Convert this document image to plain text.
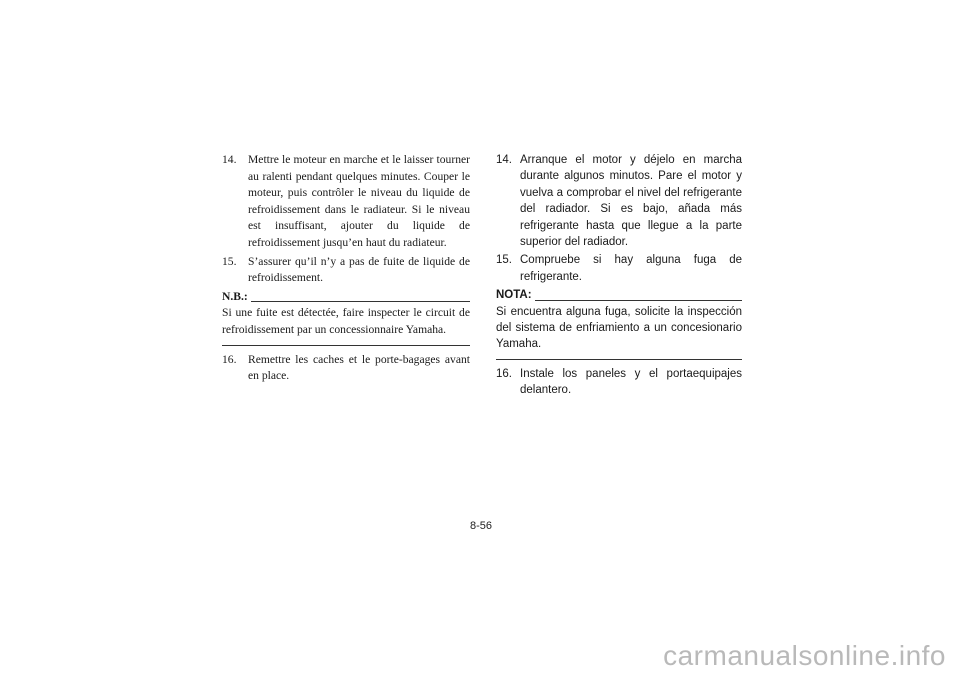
14. Mettre le moteur en marche et le laisser tourner au ralenti pendant quelques minutes. Couper le moteur, puis contrôler le niveau du liquide de refroidissement dans le radiateur. Si le niveau est insuffisant, ajouter du liquide de refroidissement jusqu’en haut du radiateur.
15. S’assurer qu’il n’y a pas de fuite de liquide de refroidissement.
N.B.:
Si une fuite est détectée, faire inspecter le circuit de refroidissement par un concessionnaire Yamaha.
16. Remettre les caches et le porte-bagages avant en place.
14. Arranque el motor y déjelo en marcha durante algunos minutos. Pare el motor y vuelva a comprobar el nivel del refrigerante del radiador. Si es bajo, añada más refrigerante hasta que llegue a la parte superior del radiador.
15. Compruebe si hay alguna fuga de refrigerante.
NOTA:
Si encuentra alguna fuga, solicite la inspección del sistema de enfriamiento a un concesionario Yamaha.
16. Instale los paneles y el portaequipajes delantero.
8-56
carmanualsonline.info
